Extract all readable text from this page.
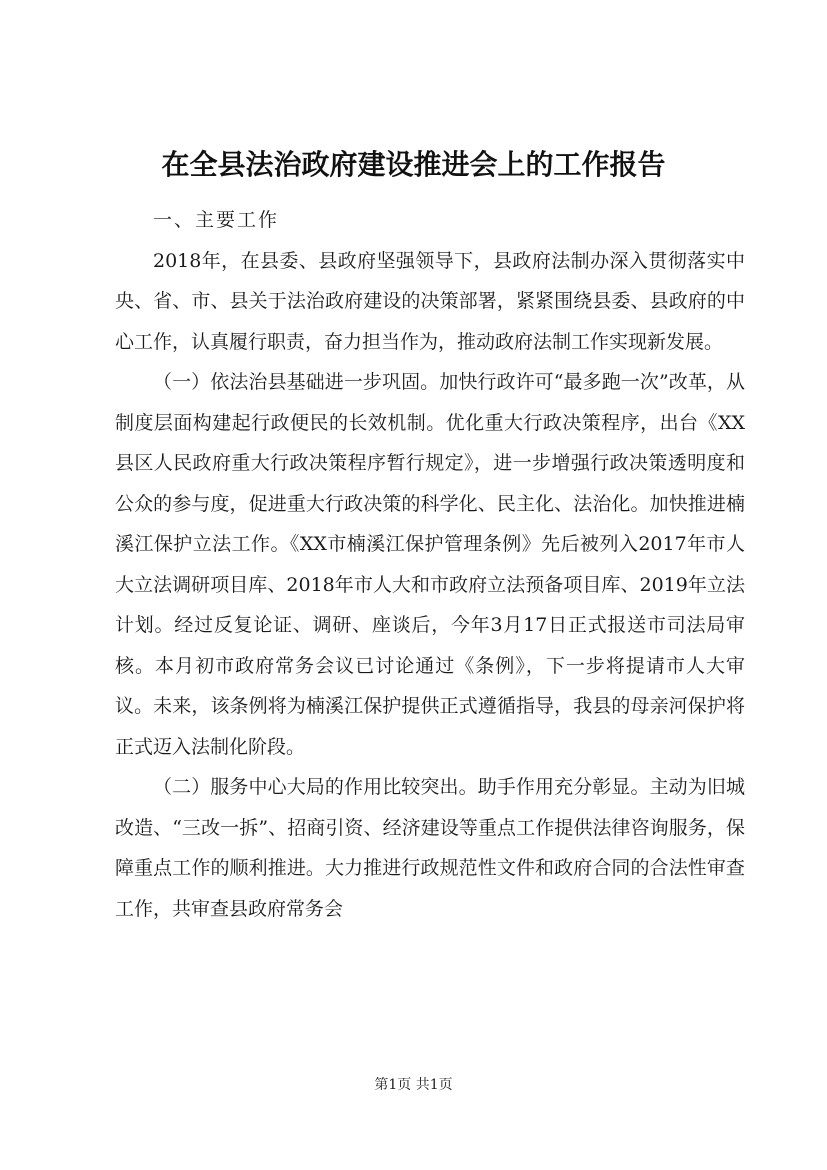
在全县法治政府建设推进会上的工作报告

一、主要工作

2018年，在县委、县政府坚强领导下，县政府法制办深入贯彻落实中央、省、市、县关于法治政府建设的决策部署，紧紧围绕县委、县政府的中心工作，认真履行职责，奋力担当作为，推动政府法制工作实现新发展。

（一）依法治县基础进一步巩固。加快行政许可“最多跑一次”改革，从制度层面构建起行政便民的长效机制。优化重大行政决策程序，出台《XX县区人民政府重大行政决策程序暂行规定》，进一步增强行政决策透明度和公众的参与度，促进重大行政决策的科学化、民主化、法治化。加快推进楠溪江保护立法工作。《XX市楠溪江保护管理条例》先后被列入2017年市人大立法调研项目库、2018年市人大和市政府立法预备项目库、2019年立法计划。经过反复论证、调研、座谈后，今年3月17日正式报送市司法局审核。本月初市政府常务会议已讨论通过《条例》，下一步将提请市人大审议。未来，该条例将为楠溪江保护提供正式遵循指导，我县的母亲河保护将正式迈入法制化阶段。

（二）服务中心大局的作用比较突出。助手作用充分彰显。主动为旧城改造、“三改一拆”、招商引资、经济建设等重点工作提供法律咨询服务，保障重点工作的顺利推进。大力推进行政规范性文件和政府合同的合法性审查工作，共审查县政府常务会

第1页 共1页
